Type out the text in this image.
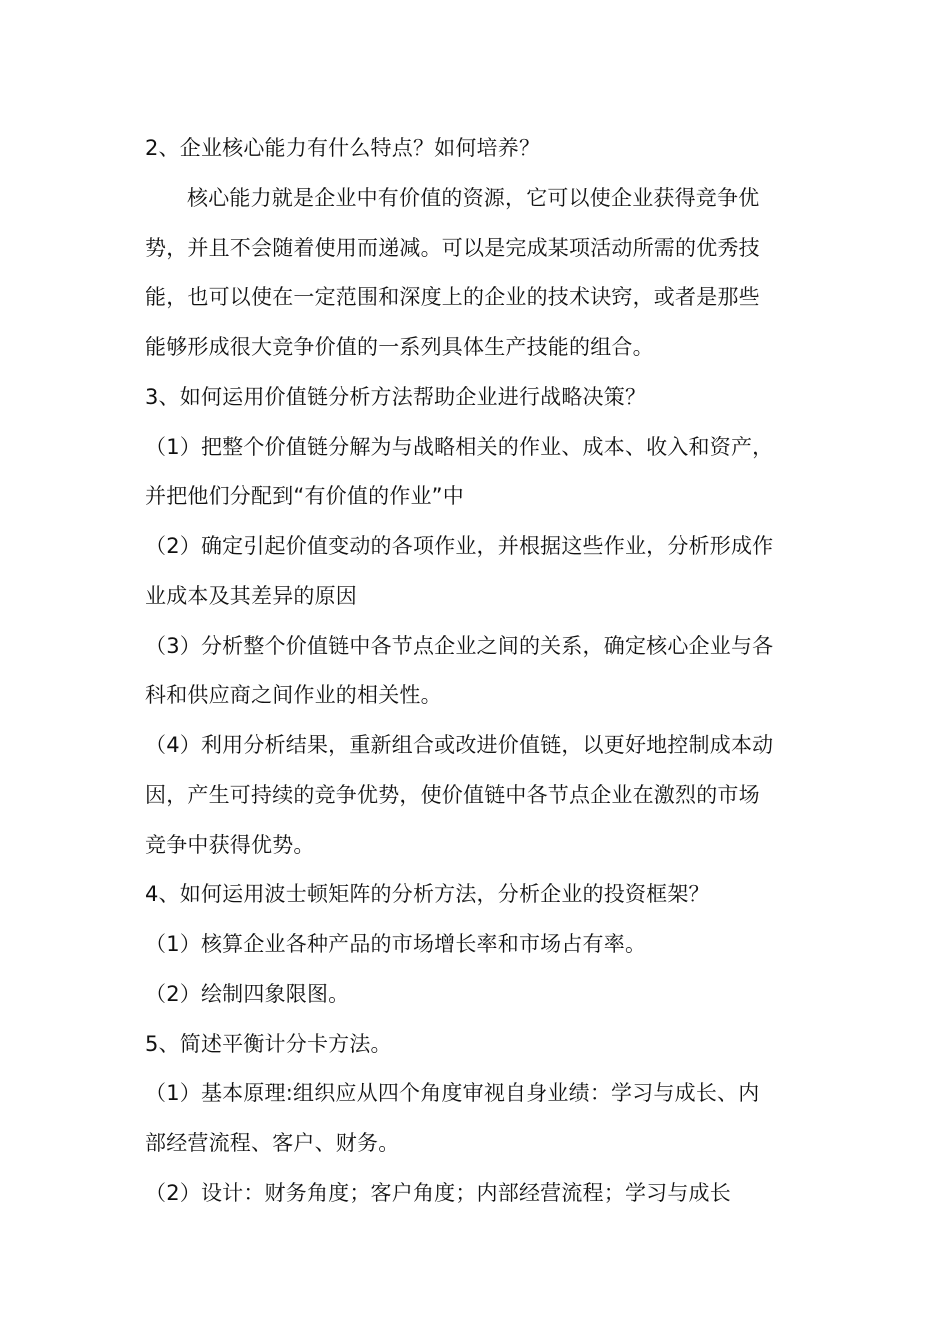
2、企业核心能力有什么特点？如何培养？
核心能力就是企业中有价值的资源，它可以使企业获得竞争优
势，并且不会随着使用而递减。可以是完成某项活动所需的优秀技
能，也可以使在一定范围和深度上的企业的技术诀窍，或者是那些
能够形成很大竞争价值的一系列具体生产技能的组合。
3、如何运用价值链分析方法帮助企业进行战略决策？
（1）把整个价值链分解为与战略相关的作业、成本、收入和资产，
并把他们分配到“有价值的作业”中
（2）确定引起价值变动的各项作业，并根据这些作业，分析形成作
业成本及其差异的原因
（3）分析整个价值链中各节点企业之间的关系，确定核心企业与各
科和供应商之间作业的相关性。
（4）利用分析结果，重新组合或改进价值链，以更好地控制成本动
因，产生可持续的竞争优势，使价值链中各节点企业在激烈的市场
竞争中获得优势。
4、如何运用波士顿矩阵的分析方法，分析企业的投资框架？
（1）核算企业各种产品的市场增长率和市场占有率。
（2）绘制四象限图。
5、简述平衡计分卡方法。
（1）基本原理:组织应从四个角度审视自身业绩：学习与成长、内
部经营流程、客户、财务。
（2）设计：财务角度；客户角度；内部经营流程；学习与成长
